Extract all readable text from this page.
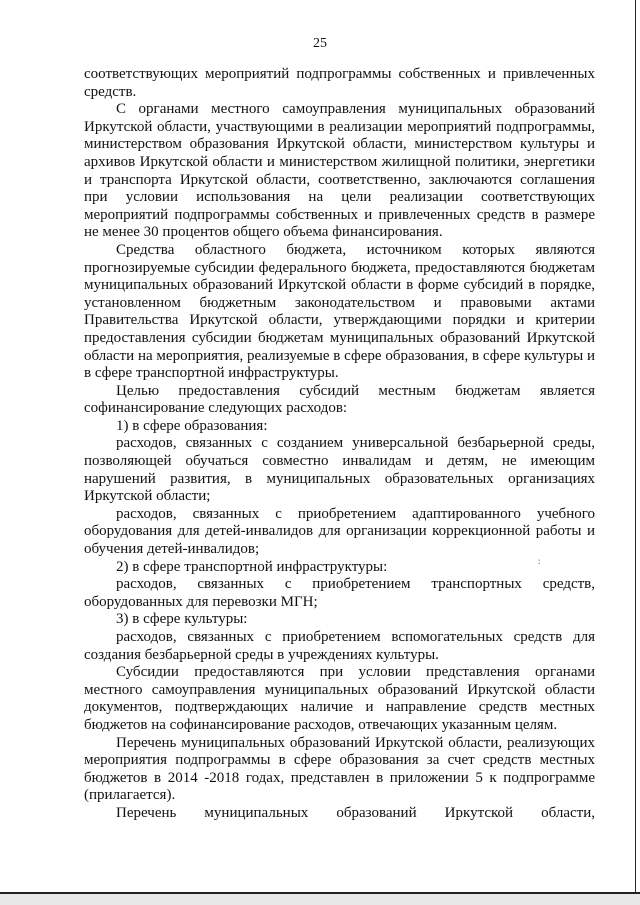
25

соответствующих мероприятий подпрограммы собственных и привлеченных средств.

С органами местного самоуправления муниципальных образований Иркутской области, участвующими в реализации мероприятий подпрограммы, министерством образования Иркутской области, министерством культуры и архивов Иркутской области и министерством жилищной политики, энергетики и транспорта Иркутской области, соответственно, заключаются соглашения при условии использования на цели реализации соответствующих мероприятий подпрограммы собственных и привлеченных средств в размере не менее 30 процентов общего объема финансирования.

Средства областного бюджета, источником которых являются прогнозируемые субсидии федерального бюджета, предоставляются бюджетам муниципальных образований Иркутской области в форме субсидий в порядке, установленном бюджетным законодательством и правовыми актами Правительства Иркутской области, утверждающими порядки и критерии предоставления субсидии бюджетам муниципальных образований Иркутской области на мероприятия, реализуемые в сфере образования, в сфере культуры и в сфере транспортной инфраструктуры.

Целью предоставления субсидий местным бюджетам является софинансирование следующих расходов:

1) в сфере образования:

расходов, связанных с созданием универсальной безбарьерной среды, позволяющей обучаться совместно инвалидам и детям, не имеющим нарушений развития, в муниципальных образовательных организациях Иркутской области;

расходов, связанных с приобретением адаптированного учебного оборудования для детей-инвалидов для организации коррекционной работы и обучения детей-инвалидов;

2) в сфере транспортной инфраструктуры:

расходов, связанных с приобретением транспортных средств, оборудованных для перевозки МГН;

3) в сфере культуры:

расходов, связанных с приобретением вспомогательных средств для создания безбарьерной среды в учреждениях культуры.

Субсидии предоставляются при условии представления органами местного самоуправления муниципальных образований Иркутской области документов, подтверждающих наличие и направление средств местных бюджетов на софинансирование расходов, отвечающих указанным целям.

Перечень муниципальных образований Иркутской области, реализующих мероприятия подпрограммы в сфере образования за счет средств местных бюджетов в 2014 -2018 годах, представлен в приложении 5 к подпрограмме (прилагается).

Перечень муниципальных образований Иркутской области,

:
